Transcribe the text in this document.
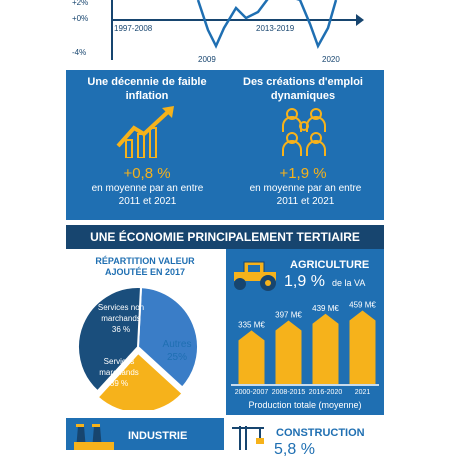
+2%
+0%
-4%
1997-2008	2013-2019
2009	2020
Une décennie de faible inflation
+0,8 %
en moyenne par an entre 2011 et 2021
Des créations d'emploi dynamiques
+1,9 %
en moyenne par an entre 2011 et 2021
UNE ÉCONOMIE PRINCIPALEMENT TERTIAIRE
RÉPARTITION VALEUR AJOUTÉE EN 2017
Services non marchands
36 %
Autres
25%
Services marchands
39 %
AGRICULTURE
1,9 % de la VA
335 M€
2000-2007
397 M€
2008-2015
439 M€
2016-2020
459 M€
2021
Production totale (moyenne)
INDUSTRIE	CONSTRUCTION
5,8 %
